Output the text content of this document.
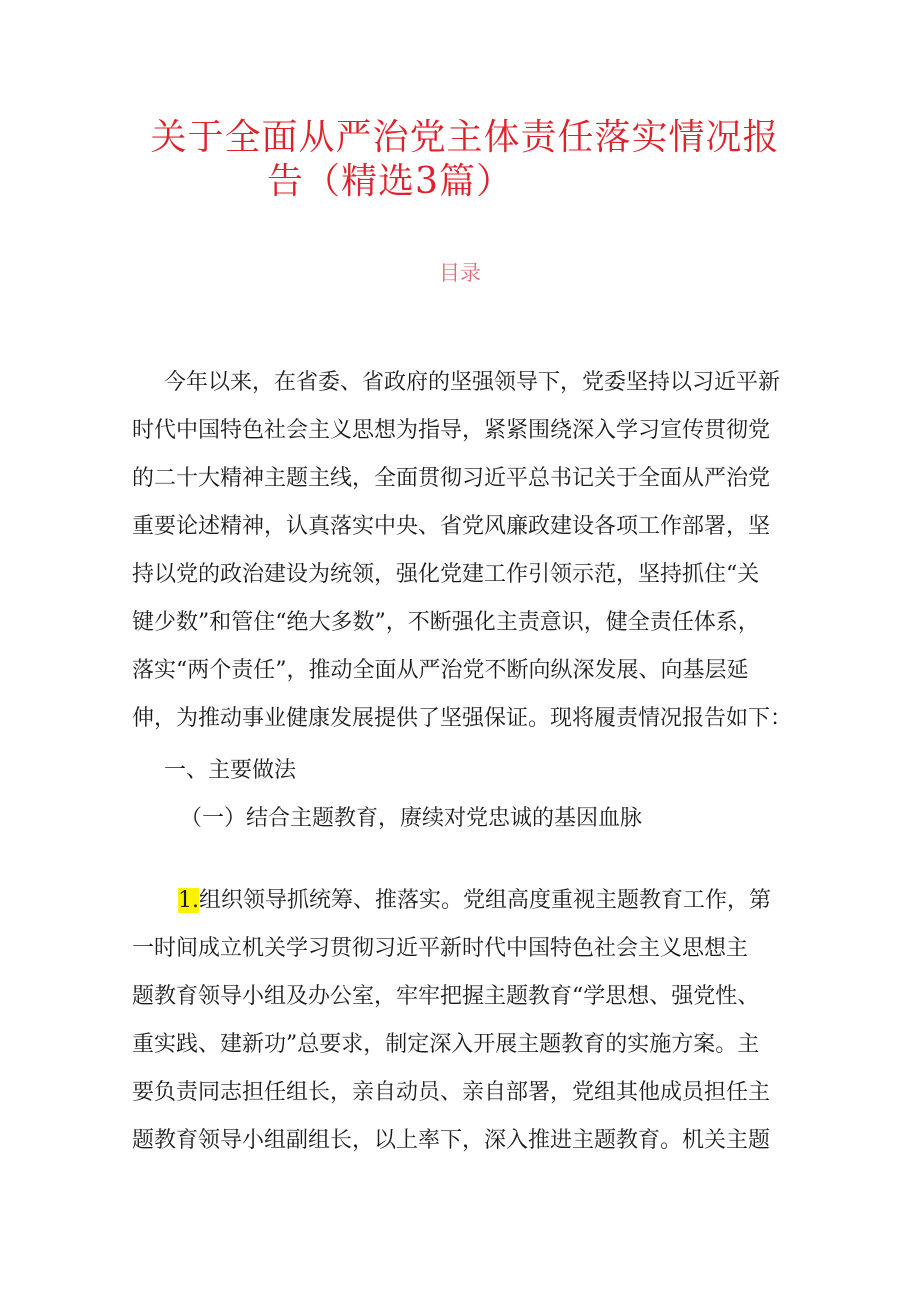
关于全面从严治党主体责任落实情况报
告（精选3篇）
目录
今年以来，在省委、省政府的坚强领导下，党委坚持以习近平新
时代中国特色社会主义思想为指导，紧紧围绕深入学习宣传贯彻党
的二十大精神主题主线，全面贯彻习近平总书记关于全面从严治党
重要论述精神，认真落实中央、省党风廉政建设各项工作部署，坚
持以党的政治建设为统领，强化党建工作引领示范，坚持抓住“关
键少数”和管住“绝大多数”，不断强化主责意识，健全责任体系，
落实“两个责任”，推动全面从严治党不断向纵深发展、向基层延
伸，为推动事业健康发展提供了坚强保证。现将履责情况报告如下：
一、主要做法
（一）结合主题教育，赓续对党忠诚的基因血脉
1.组织领导抓统筹、推落实。党组高度重视主题教育工作，第
一时间成立机关学习贯彻习近平新时代中国特色社会主义思想主
题教育领导小组及办公室，牢牢把握主题教育“学思想、强党性、
重实践、建新功”总要求，制定深入开展主题教育的实施方案。主
要负责同志担任组长，亲自动员、亲自部署，党组其他成员担任主
题教育领导小组副组长，以上率下，深入推进主题教育。机关主题
